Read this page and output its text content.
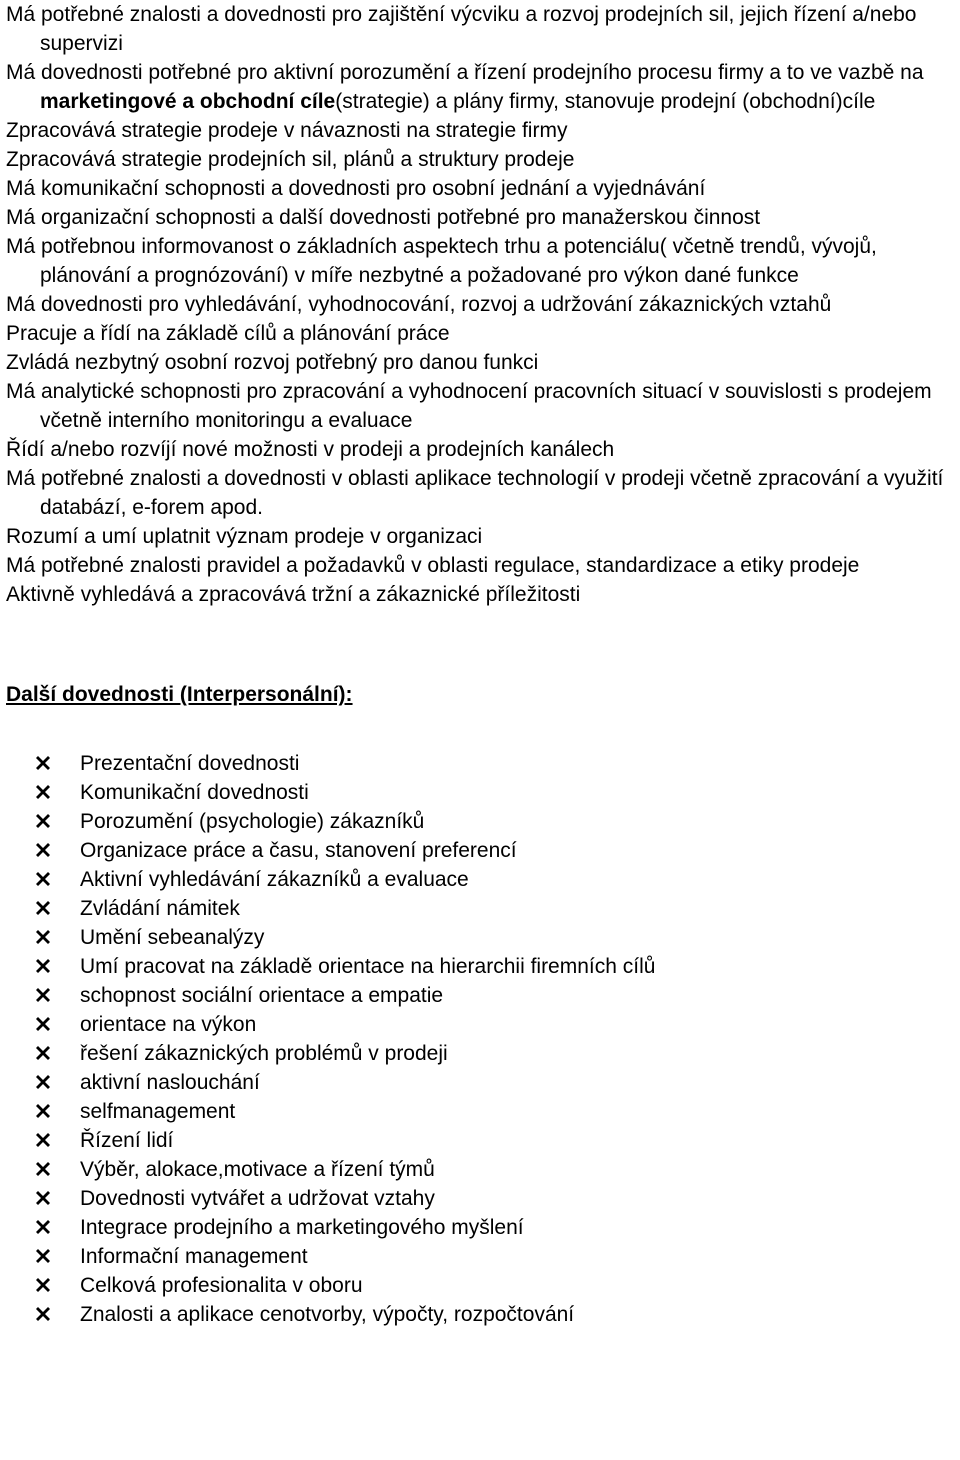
Má potřebné znalosti a dovednosti pro zajištění výcviku a rozvoj prodejních sil, jejich řízení a/nebo supervizi
Má dovednosti potřebné pro aktivní porozumění a řízení prodejního procesu firmy a to ve vazbě na marketingové a obchodní cíle(strategie) a plány firmy, stanovuje prodejní (obchodní)cíle
Zpracovává strategie prodeje v návaznosti na strategie firmy
Zpracovává strategie prodejních sil, plánů a struktury prodeje
Má komunikační schopnosti a dovednosti pro osobní jednání a vyjednávání
Má organizační schopnosti a další dovednosti potřebné pro manažerskou činnost
Má potřebnou informovanost o základních aspektech trhu a potenciálu( včetně trendů, vývojů, plánování a prognózování) v míře nezbytné a požadované pro výkon dané funkce
Má dovednosti pro vyhledávání, vyhodnocování, rozvoj a udržování zákaznických vztahů
Pracuje a řídí na základě cílů a plánování práce
Zvládá nezbytný osobní rozvoj potřebný pro danou funkci
Má analytické schopnosti pro zpracování a vyhodnocení pracovních situací v souvislosti s prodejem včetně interního monitoringu a evaluace
Řídí a/nebo rozvíjí nové možnosti v prodeji a prodejních kanálech
Má potřebné znalosti a dovednosti v oblasti aplikace technologií v prodeji včetně zpracování a využití databází, e-forem apod.
Rozumí a umí uplatnit význam prodeje v organizaci
Má potřebné znalosti pravidel a požadavků v oblasti regulace, standardizace a etiky prodeje
Aktivně vyhledává a zpracovává tržní a zákaznické příležitosti
Další dovednosti (Interpersonální):
Prezentační dovednosti
Komunikační dovednosti
Porozumění (psychologie) zákazníků
Organizace práce a času, stanovení preferencí
Aktivní vyhledávání zákazníků a evaluace
Zvládání námitek
Umění sebeanalýzy
Umí pracovat na základě orientace na hierarchii firemních cílů
schopnost sociální orientace a empatie
orientace na výkon
řešení zákaznických problémů v prodeji
aktivní naslouchání
selfmanagement
Řízení lidí
Výběr, alokace,motivace a řízení týmů
Dovednosti vytvářet a udržovat vztahy
Integrace prodejního a marketingového myšlení
Informační management
Celková profesionalita v oboru
Znalosti a aplikace cenotvorby, výpočty, rozpočtování
